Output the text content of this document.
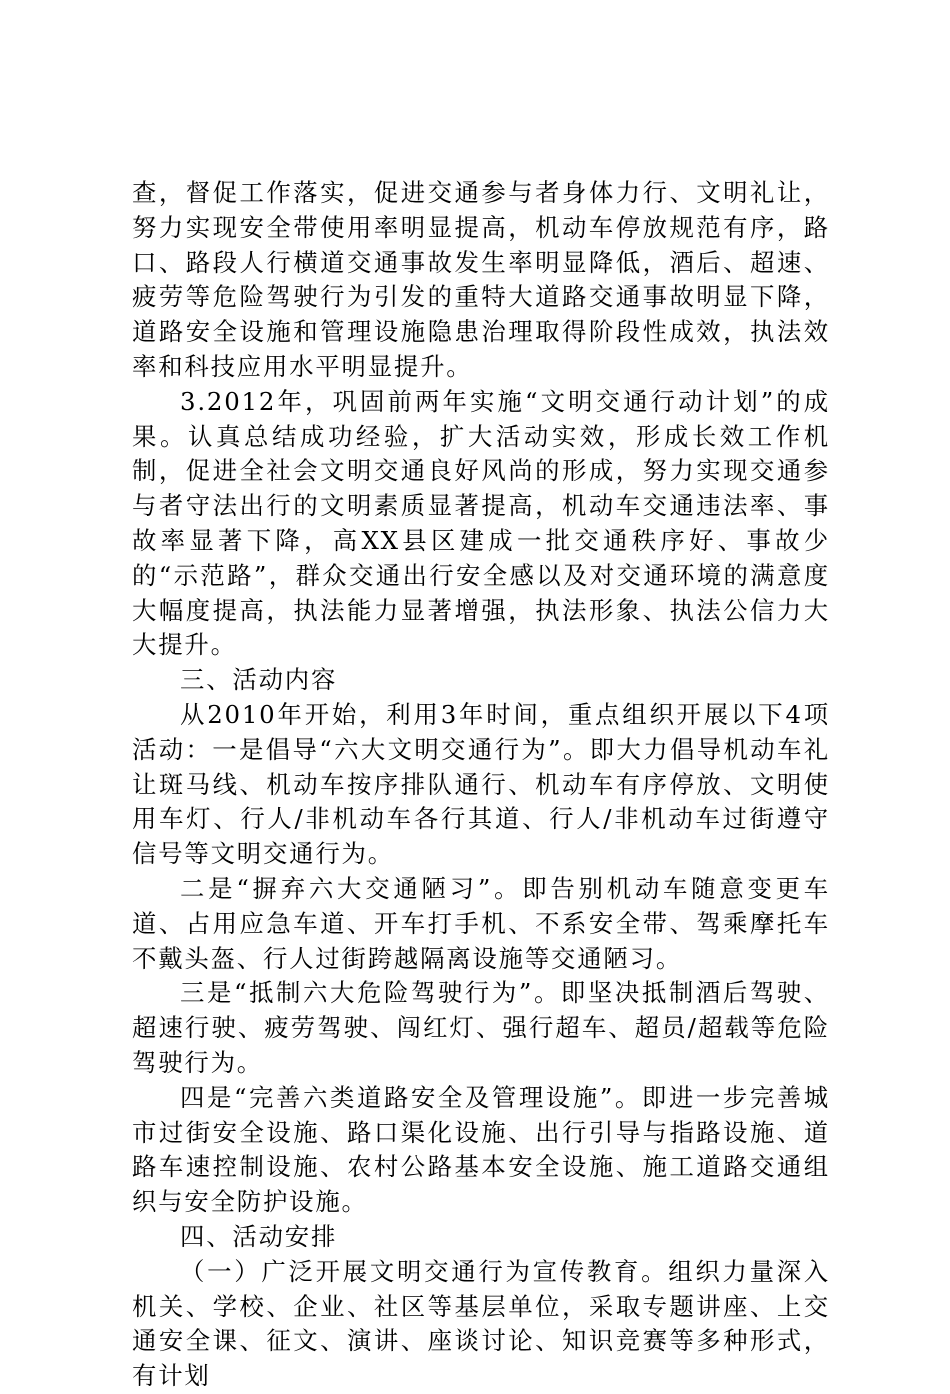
查，督促工作落实，促进交通参与者身体力行、文明礼让，努力实现安全带使用率明显提高，机动车停放规范有序，路口、路段人行横道交通事故发生率明显降低，酒后、超速、疲劳等危险驾驶行为引发的重特大道路交通事故明显下降，道路安全设施和管理设施隐患治理取得阶段性成效，执法效率和科技应用水平明显提升。

3.2012年，巩固前两年实施“文明交通行动计划”的成果。认真总结成功经验，扩大活动实效，形成长效工作机制，促进全社会文明交通良好风尚的形成，努力实现交通参与者守法出行的文明素质显著提高，机动车交通违法率、事故率显著下降，高XX县区建成一批交通秩序好、事故少的“示范路”，群众交通出行安全感以及对交通环境的满意度大幅度提高，执法能力显著增强，执法形象、执法公信力大大提升。

三、活动内容

从2010年开始，利用3年时间，重点组织开展以下4项活动：一是倡导“六大文明交通行为”。即大力倡导机动车礼让斑马线、机动车按序排队通行、机动车有序停放、文明使用车灯、行人/非机动车各行其道、行人/非机动车过街遵守信号等文明交通行为。

二是“摒弃六大交通陋习”。即告别机动车随意变更车道、占用应急车道、开车打手机、不系安全带、驾乘摩托车不戴头盔、行人过街跨越隔离设施等交通陋习。

三是“抵制六大危险驾驶行为”。即坚决抵制酒后驾驶、超速行驶、疲劳驾驶、闯红灯、强行超车、超员/超载等危险驾驶行为。

四是“完善六类道路安全及管理设施”。即进一步完善城市过街安全设施、路口渠化设施、出行引导与指路设施、道路车速控制设施、农村公路基本安全设施、施工道路交通组织与安全防护设施。

四、活动安排

（一）广泛开展文明交通行为宣传教育。组织力量深入机关、学校、企业、社区等基层单位，采取专题讲座、上交通安全课、征文、演讲、座谈讨论、知识竞赛等多种形式，有计划
